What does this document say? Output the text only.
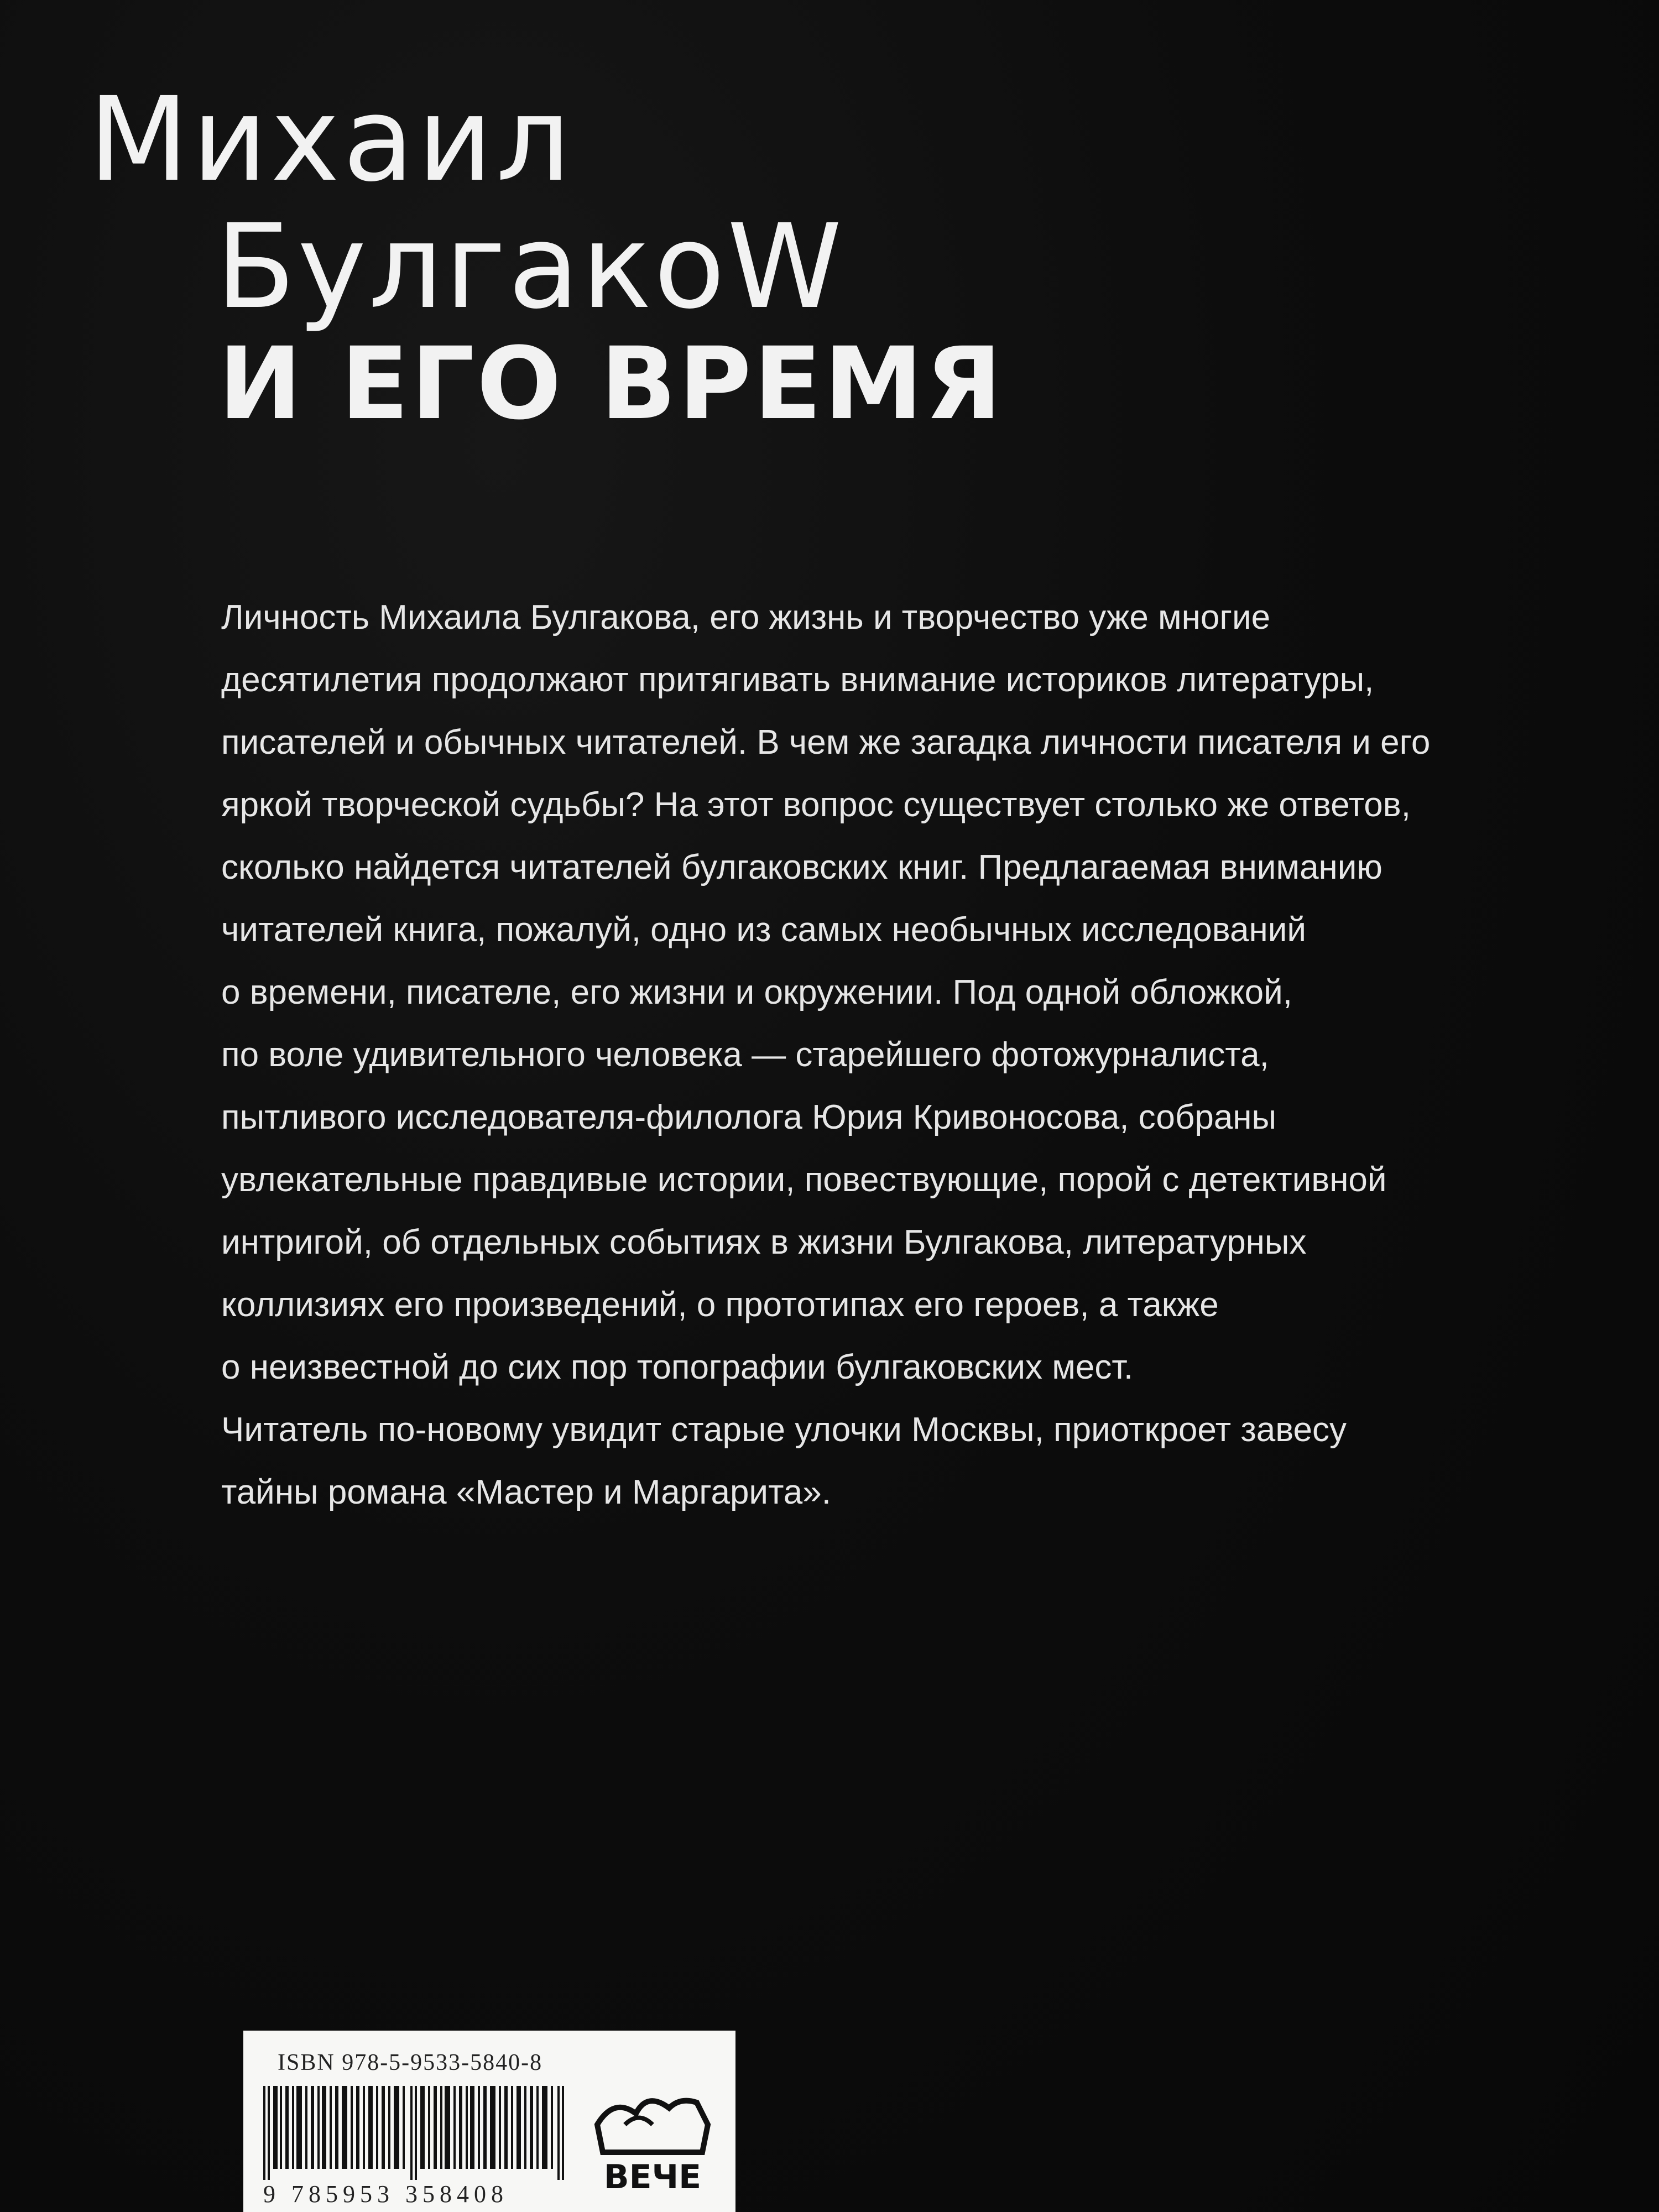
Михаил
БулгакоW
И ЕГО ВРЕМЯ
Личность Михаила Булгакова, его жизнь и творчество уже многие
десятилетия продолжают притягивать внимание историков литературы,
писателей и обычных читателей. В чем же загадка личности писателя и его
яркой творческой судьбы? На этот вопрос существует столько же ответов,
сколько найдется читателей булгаковских книг. Предлагаемая вниманию
читателей книга, пожалуй, одно из самых необычных исследований
о времени, писателе, его жизни и окружении. Под одной обложкой,
по воле удивительного человека — старейшего фотожурналиста,
пытливого исследователя-филолога Юрия Кривоносова, собраны
увлекательные правдивые истории, повествующие, порой с детективной
интригой, об отдельных событиях в жизни Булгакова, литературных
коллизиях его произведений, о прототипах его героев, а также
о неизвестной до сих пор топографии булгаковских мест.
Читатель по-новому увидит старые улочки Москвы, приоткроет завесу
тайны романа «Мастер и Маргарита».
ISBN 978-5-9533-5840-8
9 785953 358408	ВЕЧЕ
